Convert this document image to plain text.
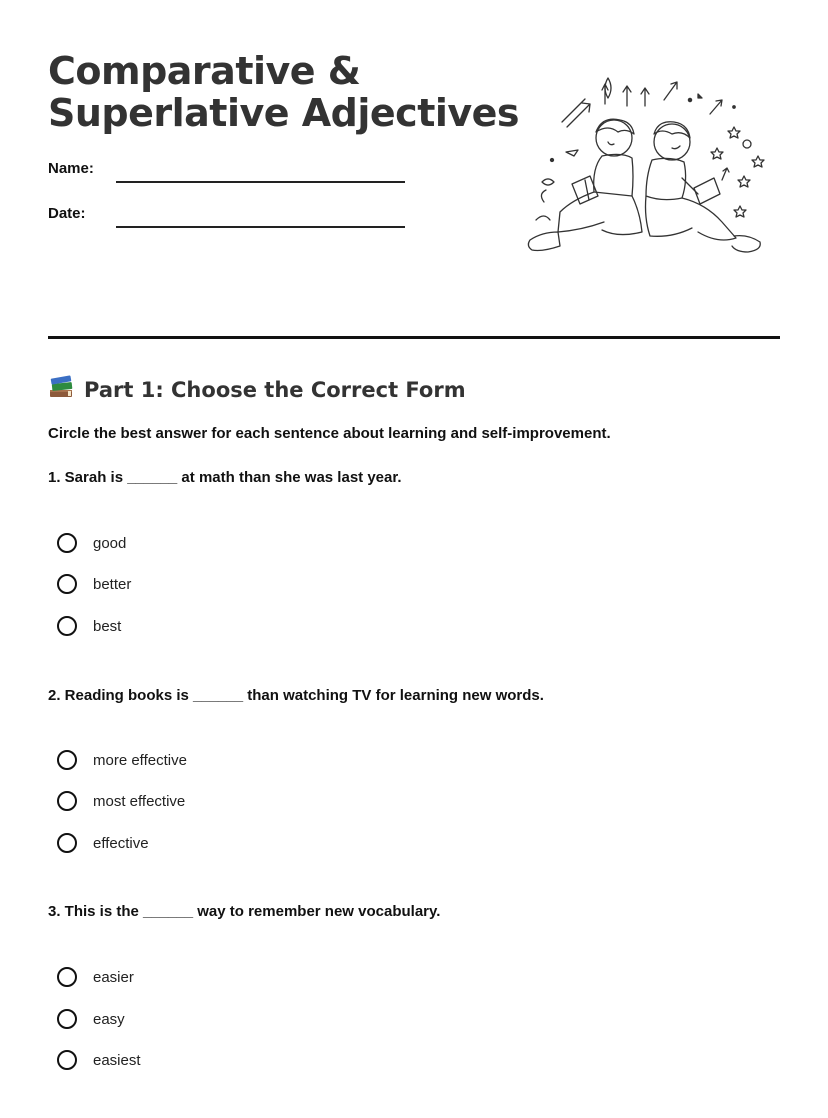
Comparative &
Superlative Adjectives
Name:
Date:
Part 1: Choose the Correct Form
Circle the best answer for each sentence about learning and self-improvement.
1. Sarah is ______ at math than she was last year.
good
better
best
2. Reading books is ______ than watching TV for learning new words.
more effective
most effective
effective
3. This is the ______ way to remember new vocabulary.
easier
easy
easiest
